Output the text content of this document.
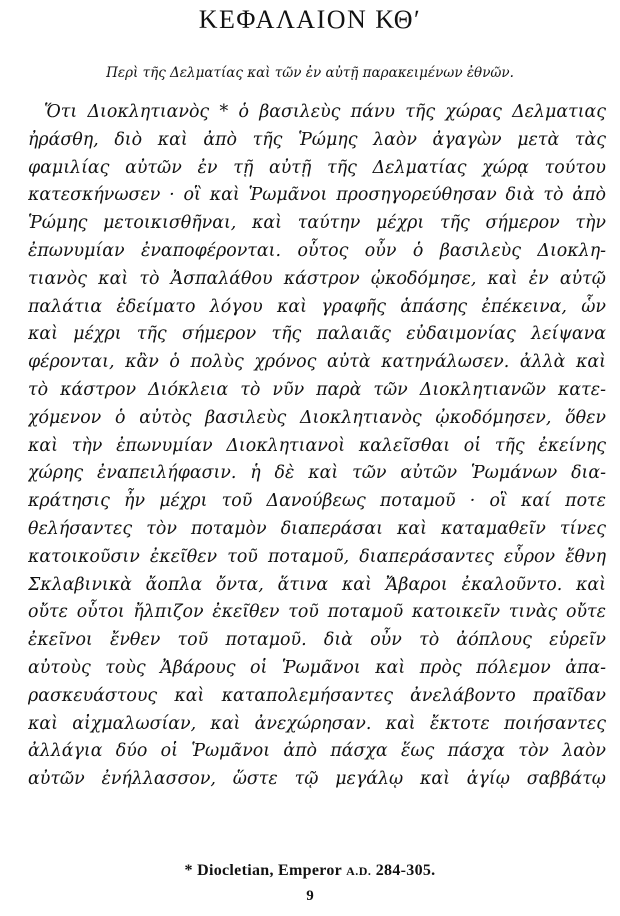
ΚΕΦΑΛΑΙΟΝ ΚΘʹ
Περὶ τῆς Δελματίας καὶ τῶν ἐν αὐτῇ παρακειμένων ἐθνῶν.
Ὅτι Διοκλητιανὸς * ὁ βασιλεὺς πάνυ τῆς χώρας Δελματιας
ἠράσθη, διὸ καὶ ἀπὸ τῆς Ῥώμης λαὸν ἀγαγὼν μετὰ τὰς
φαμιλίας αὐτῶν ἐν τῇ αὐτῇ τῆς Δελματίας χώρᾳ τούτου
κατεσκήνωσεν · οἳ καὶ Ῥωμᾶνοι προσηγορεύθησαν διὰ τὸ ἀπὸ
Ῥώμης μετοικισθῆναι, καὶ ταύτην μέχρι τῆς σήμερον τὴν
ἐπωνυμίαν ἐναποφέρονται. οὗτος οὖν ὁ βασιλεὺς Διοκλη-
τιανὸς καὶ τὸ Ἀσπαλάθου κάστρον ᾠκοδόμησε, καὶ ἐν αὐτῷ
παλάτια ἐδείματο λόγου καὶ γραφῆς ἁπάσης ἐπέκεινα, ὧν
καὶ μέχρι τῆς σήμερον τῆς παλαιᾶς εὐδαιμονίας λείψανα
φέρονται, κἂν ὁ πολὺς χρόνος αὐτὰ κατηνάλωσεν. ἀλλὰ καὶ
τὸ κάστρον Διόκλεια τὸ νῦν παρὰ τῶν Διοκλητιανῶν κατε-
χόμενον ὁ αὐτὸς βασιλεὺς Διοκλητιανὸς ᾠκοδόμησεν, ὅθεν
καὶ τὴν ἐπωνυμίαν Διοκλητιανοὶ καλεῖσθαι οἱ τῆς ἐκείνης
χώρης ἐναπειλήφασιν. ἡ δὲ καὶ τῶν αὐτῶν Ῥωμάνων δια-
κράτησις ἦν μέχρι τοῦ Δανούβεως ποταμοῦ · οἳ καί ποτε
θελήσαντες τὸν ποταμὸν διαπεράσαι καὶ καταμαθεῖν τίνες
κατοικοῦσιν ἐκεῖθεν τοῦ ποταμοῦ, διαπεράσαντες εὗρον ἔθνη
Σκλαβινικὰ ἄοπλα ὄντα, ἅτινα καὶ Ἄβαροι ἐκαλοῦντο. καὶ
οὔτε οὗτοι ἤλπιζον ἐκεῖθεν τοῦ ποταμοῦ κατοικεῖν τινὰς οὔτε
ἐκεῖνοι ἔνθεν τοῦ ποταμοῦ. διὰ οὖν τὸ ἀόπλους εὑρεῖν
αὐτοὺς τοὺς Ἀβάρους οἱ Ῥωμᾶνοι καὶ πρὸς πόλεμον ἀπα-
ρασκευάστους καὶ καταπολεμήσαντες ἀνελάβοντο πραῖδαν
καὶ αἰχμαλωσίαν, καὶ ἀνεχώρησαν. καὶ ἔκτοτε ποιήσαντες
ἀλλάγια δύο οἱ Ῥωμᾶνοι ἀπὸ πάσχα ἕως πάσχα τὸν λαὸν
αὐτῶν ἐνήλλασσον, ὥστε τῷ μεγάλῳ καὶ ἁγίῳ σαββάτῳ
* Diocletian, Emperor A.D. 284-305.
9
